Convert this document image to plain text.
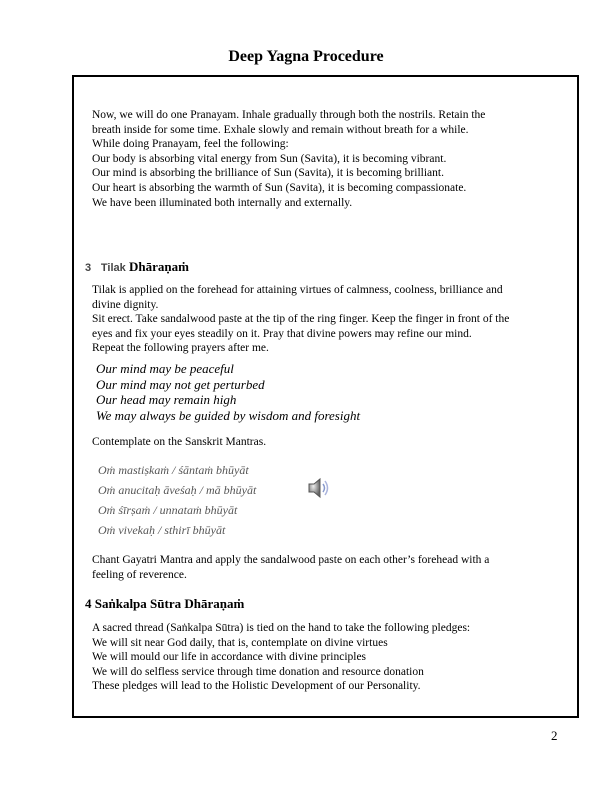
Deep Yagna Procedure
Now, we will do one Pranayam. Inhale gradually through both the nostrils. Retain the
breath inside for some time. Exhale slowly and remain without breath for a while.
While doing Pranayam, feel the following:
Our body is absorbing vital energy from Sun (Savita), it is becoming vibrant.
Our mind is absorbing the brilliance of Sun (Savita), it is becoming brilliant.
Our heart is absorbing the warmth of Sun (Savita), it is becoming compassionate.
We have been illuminated both internally and externally.
3 Tilak Dhāraṇaṁ
Tilak is applied on the forehead for attaining virtues of calmness, coolness, brilliance and
divine dignity.
Sit erect. Take sandalwood paste at the tip of the ring finger. Keep the finger in front of the
eyes and fix your eyes steadily on it. Pray that divine powers may refine our mind.
Repeat the following prayers after me.
Our mind may be peaceful
Our mind may not get perturbed
Our head may remain high
We may always be guided by wisdom and foresight
Contemplate on the Sanskrit Mantras.
Oṁ mastiṣkaṁ / śāntaṁ bhūyāt
Oṁ anucitaḥ āveśaḥ / mā bhūyāt
Oṁ śīrṣaṁ / unnataṁ bhūyāt
Oṁ vivekaḥ / sthirī bhūyāt
Chant Gayatri Mantra and apply the sandalwood paste on each other’s forehead with a
feeling of reverence.
4 Saṅkalpa Sūtra Dhāraṇaṁ
A sacred thread (Saṅkalpa Sūtra) is tied on the hand to take the following pledges:
We will sit near God daily, that is, contemplate on divine virtues
We will mould our life in accordance with divine principles
We will do selfless service through time donation and resource donation
These pledges will lead to the Holistic Development of our Personality.
2
